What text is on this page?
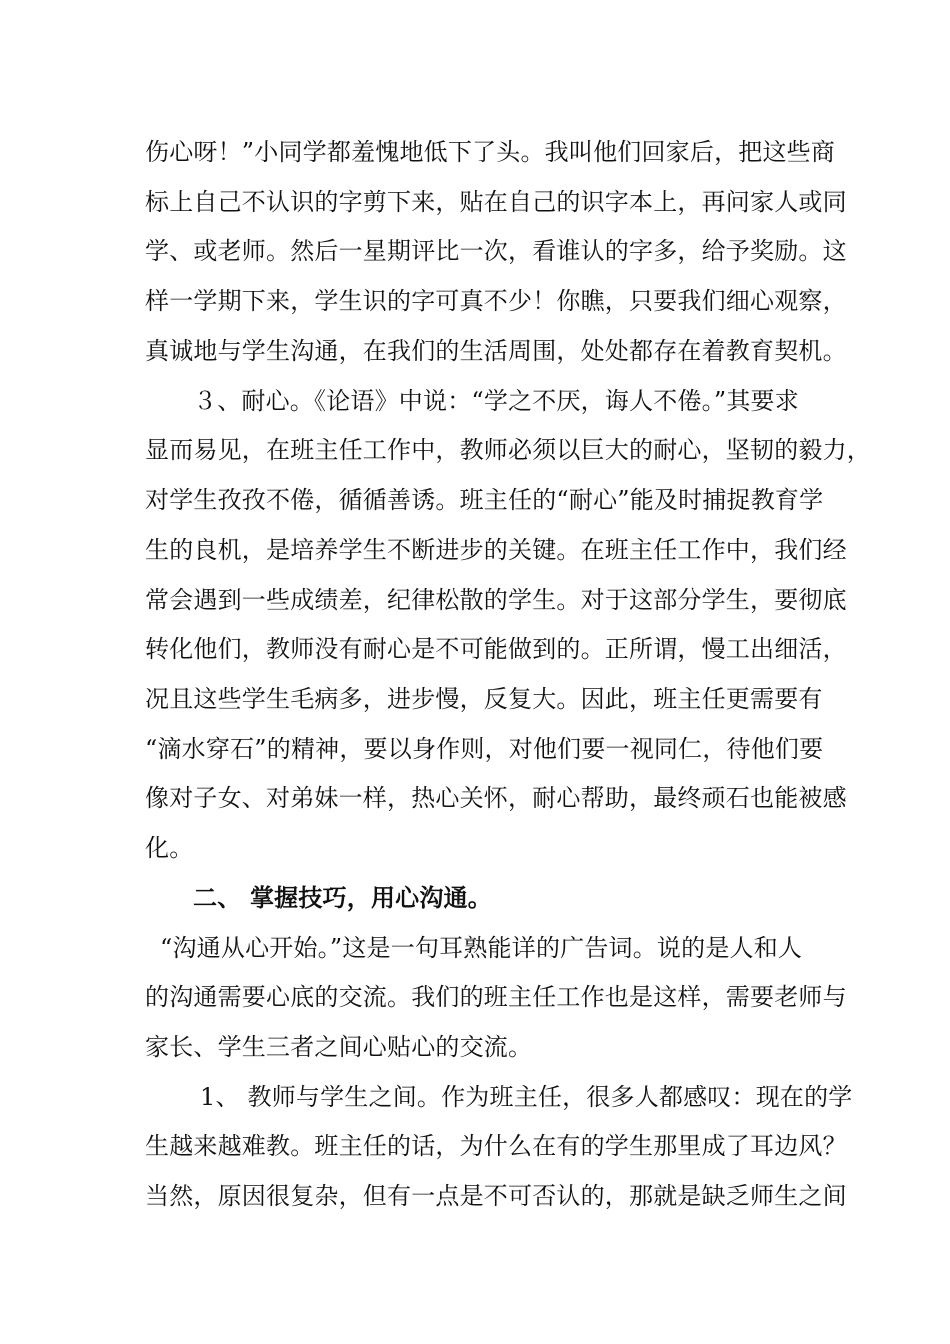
伤心呀！”小同学都羞愧地低下了头。我叫他们回家后，把这些商
标上自己不认识的字剪下来，贴在自己的识字本上，再问家人或同
学、或老师。然后一星期评比一次，看谁认的字多，给予奖励。这
样一学期下来，学生识的字可真不少！你瞧，只要我们细心观察，
真诚地与学生沟通，在我们的生活周围，处处都存在着教育契机。
３、耐心。《论语》中说：“学之不厌，诲人不倦。”其要求
显而易见，在班主任工作中，教师必须以巨大的耐心，坚韧的毅力，
对学生孜孜不倦，循循善诱。班主任的“耐心”能及时捕捉教育学
生的良机，是培养学生不断进步的关键。在班主任工作中，我们经
常会遇到一些成绩差，纪律松散的学生。对于这部分学生，要彻底
转化他们，教师没有耐心是不可能做到的。正所谓，慢工出细活，
况且这些学生毛病多，进步慢，反复大。因此，班主任更需要有
“滴水穿石”的精神，要以身作则，对他们要一视同仁，待他们要
像对子女、对弟妹一样，热心关怀，耐心帮助，最终顽石也能被感
化。
二、 掌握技巧，用心沟通。
“沟通从心开始。”这是一句耳熟能详的广告词。说的是人和人
的沟通需要心底的交流。我们的班主任工作也是这样，需要老师与
家长、学生三者之间心贴心的交流。
1、 教师与学生之间。作为班主任，很多人都感叹：现在的学
生越来越难教。班主任的话，为什么在有的学生那里成了耳边风？
当然，原因很复杂，但有一点是不可否认的，那就是缺乏师生之间
